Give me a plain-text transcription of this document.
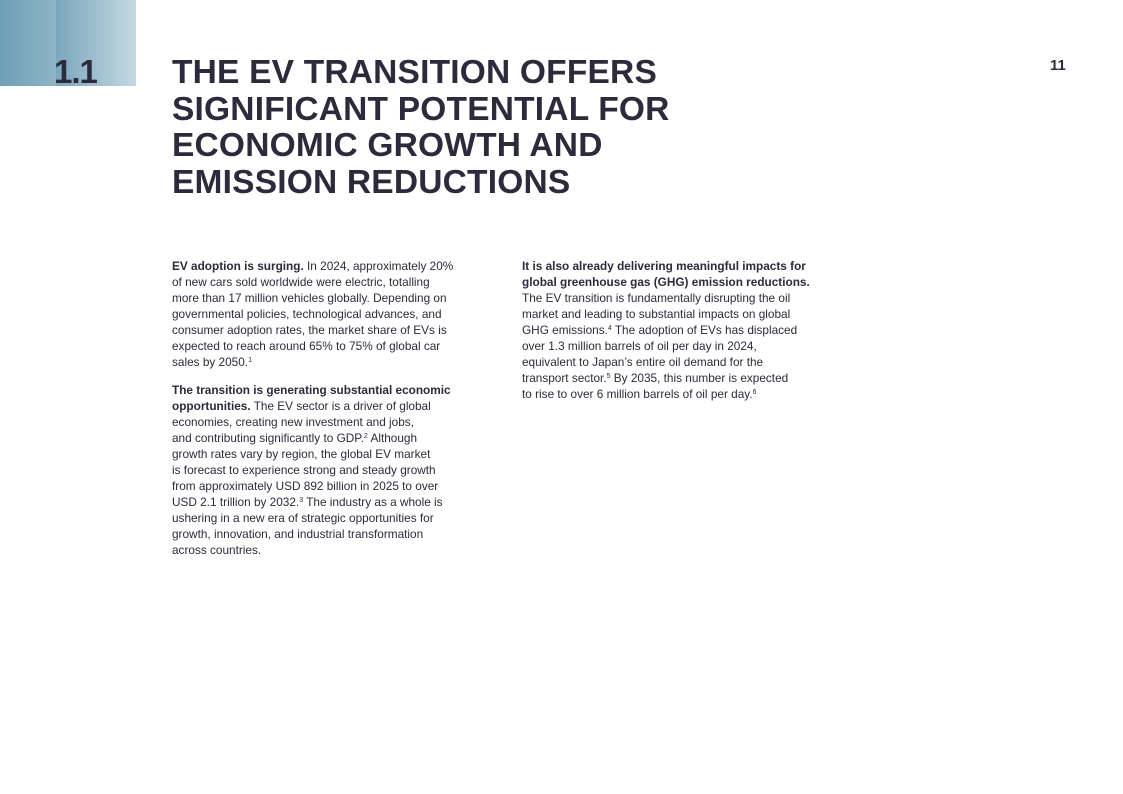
1.1	11
THE EV TRANSITION OFFERS
SIGNIFICANT POTENTIAL FOR
ECONOMIC GROWTH AND
EMISSION REDUCTIONS

EV adoption is surging. In 2024, approximately 20%
of new cars sold worldwide were electric, totalling
more than 17 million vehicles globally. Depending on
governmental policies, technological advances, and
consumer adoption rates, the market share of EVs is
expected to reach around 65% to 75% of global car
sales by 2050.$^1$

The transition is generating substantial economic
opportunities. The EV sector is a driver of global
economies, creating new investment and jobs,
and contributing significantly to GDP.$^2$ Although
growth rates vary by region, the global EV market
is forecast to experience strong and steady growth
from approximately USD 892 billion in 2025 to over
USD 2.1 trillion by 2032.$^3$ The industry as a whole is
ushering in a new era of strategic opportunities for
growth, innovation, and industrial transformation
across countries.

It is also already delivering meaningful impacts for
global greenhouse gas (GHG) emission reductions.
The EV transition is fundamentally disrupting the oil
market and leading to substantial impacts on global
GHG emissions.$^4$ The adoption of EVs has displaced
over 1.3 million barrels of oil per day in 2024,
equivalent to Japan’s entire oil demand for the
transport sector.$^5$ By 2035, this number is expected
to rise to over 6 million barrels of oil per day.$^6$
